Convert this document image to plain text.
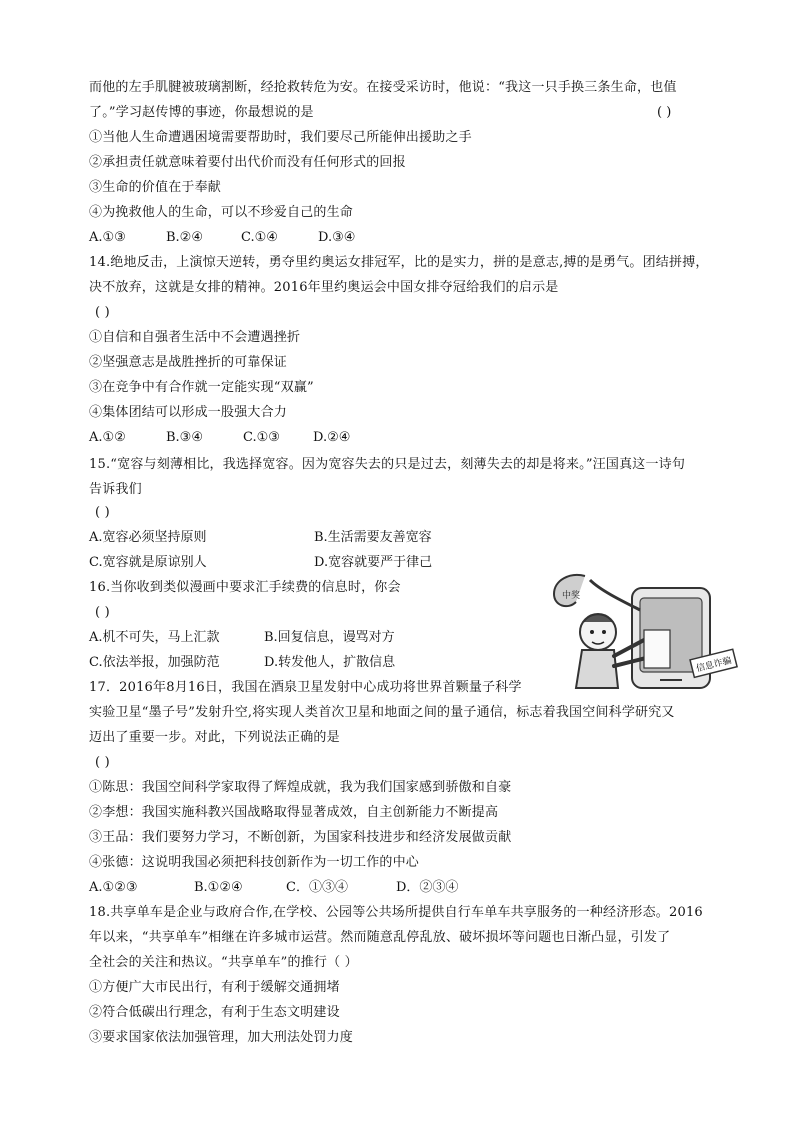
而他的左手肌腱被玻璃割断，经抢救转危为安。在接受采访时，他说：“我这一只手换三条生命，也值
了。”学习赵传博的事迹，你最想说的是	( )
①当他人生命遭遇困境需要帮助时，我们要尽己所能伸出援助之手
②承担责任就意味着要付出代价而没有任何形式的回报
③生命的价值在于奉献
④为挽救他人的生命，可以不珍爱自己的生命
A.①③	B.②④	C.①④	D.③④
14.绝地反击，上演惊天逆转，勇夺里约奥运女排冠军，比的是实力，拼的是意志,搏的是勇气。团结拼搏，
决不放弃，这就是女排的精神。2016年里约奥运会中国女排夺冠给我们的启示是
( )
①自信和自强者生活中不会遭遇挫折
②坚强意志是战胜挫折的可靠保证
③在竞争中有合作就一定能实现“双赢”
④集体团结可以形成一股强大合力
A.①②	B.③④	C.①③	D.②④
15.“宽容与刻薄相比，我选择宽容。因为宽容失去的只是过去，刻薄失去的却是将来。”汪国真这一诗句
告诉我们
( )
A.宽容必须坚持原则	B.生活需要友善宽容
C.宽容就是原谅别人	D.宽容就要严于律己
16.当你收到类似漫画中要求汇手续费的信息时，你会
( )
A.机不可失，马上汇款	B.回复信息，谩骂对方
C.依法举报，加强防范	D.转发他人，扩散信息
中奖
信息诈骗
17．2016年8月16日，我国在酒泉卫星发射中心成功将世界首颗量子科学
实验卫星“墨子号”发射升空,将实现人类首次卫星和地面之间的量子通信，标志着我国空间科学研究又
迈出了重要一步。对此，下列说法正确的是
( )
①陈思：我国空间科学家取得了辉煌成就，我为我们国家感到骄傲和自豪
②李想：我国实施科教兴国战略取得显著成效，自主创新能力不断提高
③王品：我们要努力学习，不断创新，为国家科技进步和经济发展做贡献
④张德：这说明我国必须把科技创新作为一切工作的中心
A.①②③	B.①②④	C．①③④	D．②③④
18.共享单车是企业与政府合作,在学校、公园等公共场所提供自行车单车共享服务的一种经济形态。2016
年以来，“共享单车”相继在许多城市运营。然而随意乱停乱放、破坏损坏等问题也日渐凸显，引发了
全社会的关注和热议。“共享单车”的推行（ ）
①方便广大市民出行，有利于缓解交通拥堵
②符合低碳出行理念，有利于生态文明建设
③要求国家依法加强管理，加大刑法处罚力度
